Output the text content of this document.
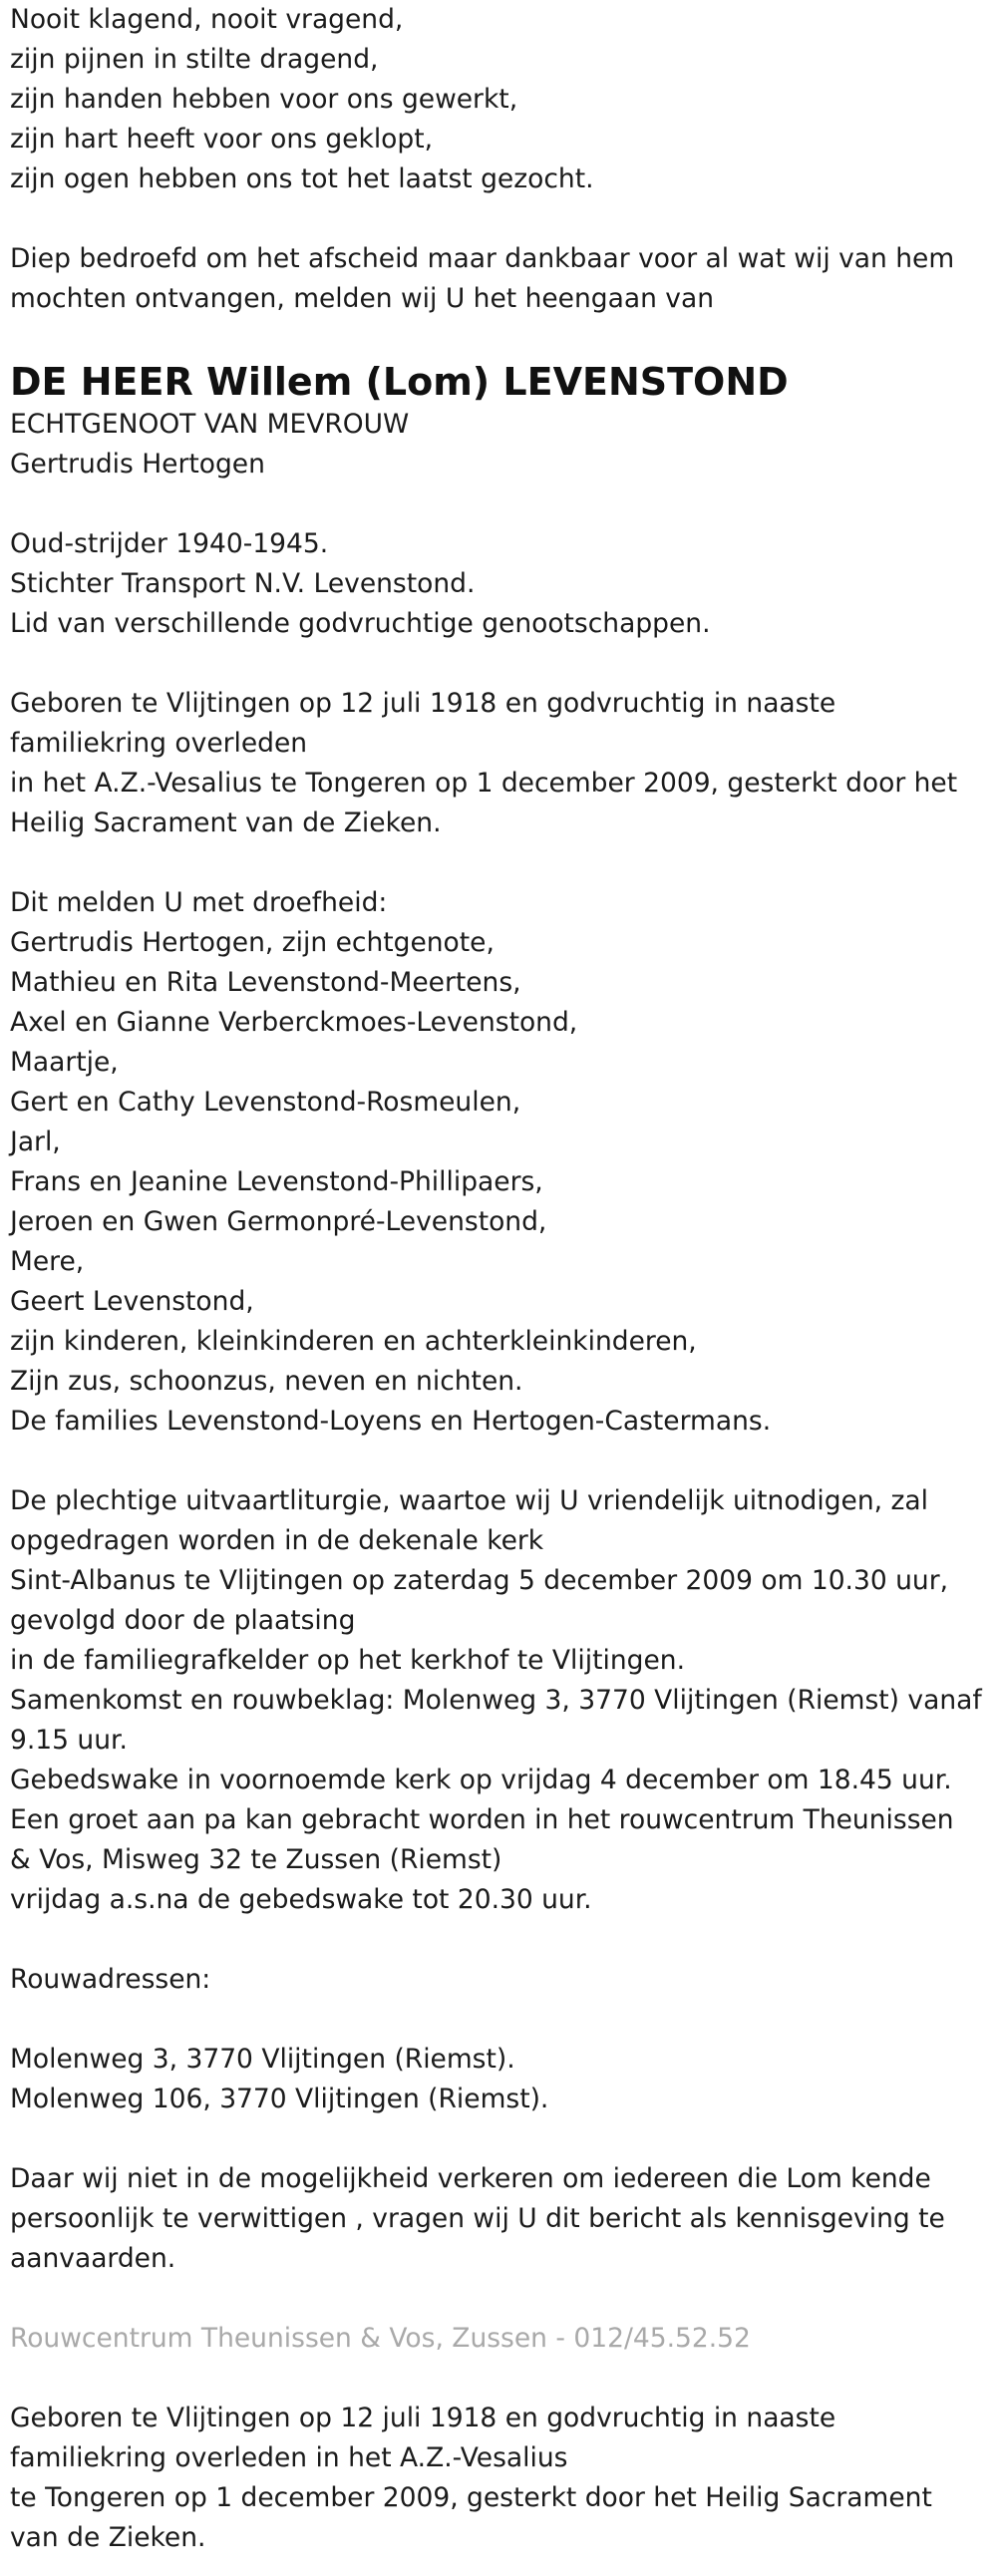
Nooit klagend, nooit vragend,
zijn pijnen in stilte dragend,
zijn handen hebben voor ons gewerkt,
zijn hart heeft voor ons geklopt,
zijn ogen hebben ons tot het laatst gezocht.
Diep bedroefd om het afscheid maar dankbaar voor al wat wij van hem
mochten ontvangen, melden wij U het heengaan van
DE HEER Willem (Lom) LEVENSTOND
ECHTGENOOT VAN MEVROUW
Gertrudis Hertogen
Oud-strijder 1940-1945.
Stichter Transport N.V. Levenstond.
Lid van verschillende godvruchtige genootschappen.
Geboren te Vlijtingen op 12 juli 1918 en godvruchtig in naaste
familiekring overleden
in het A.Z.-Vesalius te Tongeren op 1 december 2009, gesterkt door het
Heilig Sacrament van de Zieken.
Dit melden U met droefheid:
Gertrudis Hertogen, zijn echtgenote,
Mathieu en Rita Levenstond-Meertens,
Axel en Gianne Verberckmoes-Levenstond,
Maartje,
Gert en Cathy Levenstond-Rosmeulen,
Jarl,
Frans en Jeanine Levenstond-Phillipaers,
Jeroen en Gwen Germonpré-Levenstond,
Mere,
Geert Levenstond,
zijn kinderen, kleinkinderen en achterkleinkinderen,
Zijn zus, schoonzus, neven en nichten.
De families Levenstond-Loyens en Hertogen-Castermans.
De plechtige uitvaartliturgie, waartoe wij U vriendelijk uitnodigen, zal
opgedragen worden in de dekenale kerk
Sint-Albanus te Vlijtingen op zaterdag 5 december 2009 om 10.30 uur,
gevolgd door de plaatsing
in de familiegrafkelder op het kerkhof te Vlijtingen.
Samenkomst en rouwbeklag: Molenweg 3, 3770 Vlijtingen (Riemst) vanaf
9.15 uur.
Gebedswake in voornoemde kerk op vrijdag 4 december om 18.45 uur.
Een groet aan pa kan gebracht worden in het rouwcentrum Theunissen
& Vos, Misweg 32 te Zussen (Riemst)
vrijdag a.s.na de gebedswake tot 20.30 uur.
Rouwadressen:
Molenweg 3, 3770 Vlijtingen (Riemst).
Molenweg 106, 3770 Vlijtingen (Riemst).
Daar wij niet in de mogelijkheid verkeren om iedereen die Lom kende
persoonlijk te verwittigen , vragen wij U dit bericht als kennisgeving te
aanvaarden.
Rouwcentrum Theunissen & Vos, Zussen - 012/45.52.52
Geboren te Vlijtingen op 12 juli 1918 en godvruchtig in naaste
familiekring overleden in het A.Z.-Vesalius
te Tongeren op 1 december 2009, gesterkt door het Heilig Sacrament
van de Zieken.
